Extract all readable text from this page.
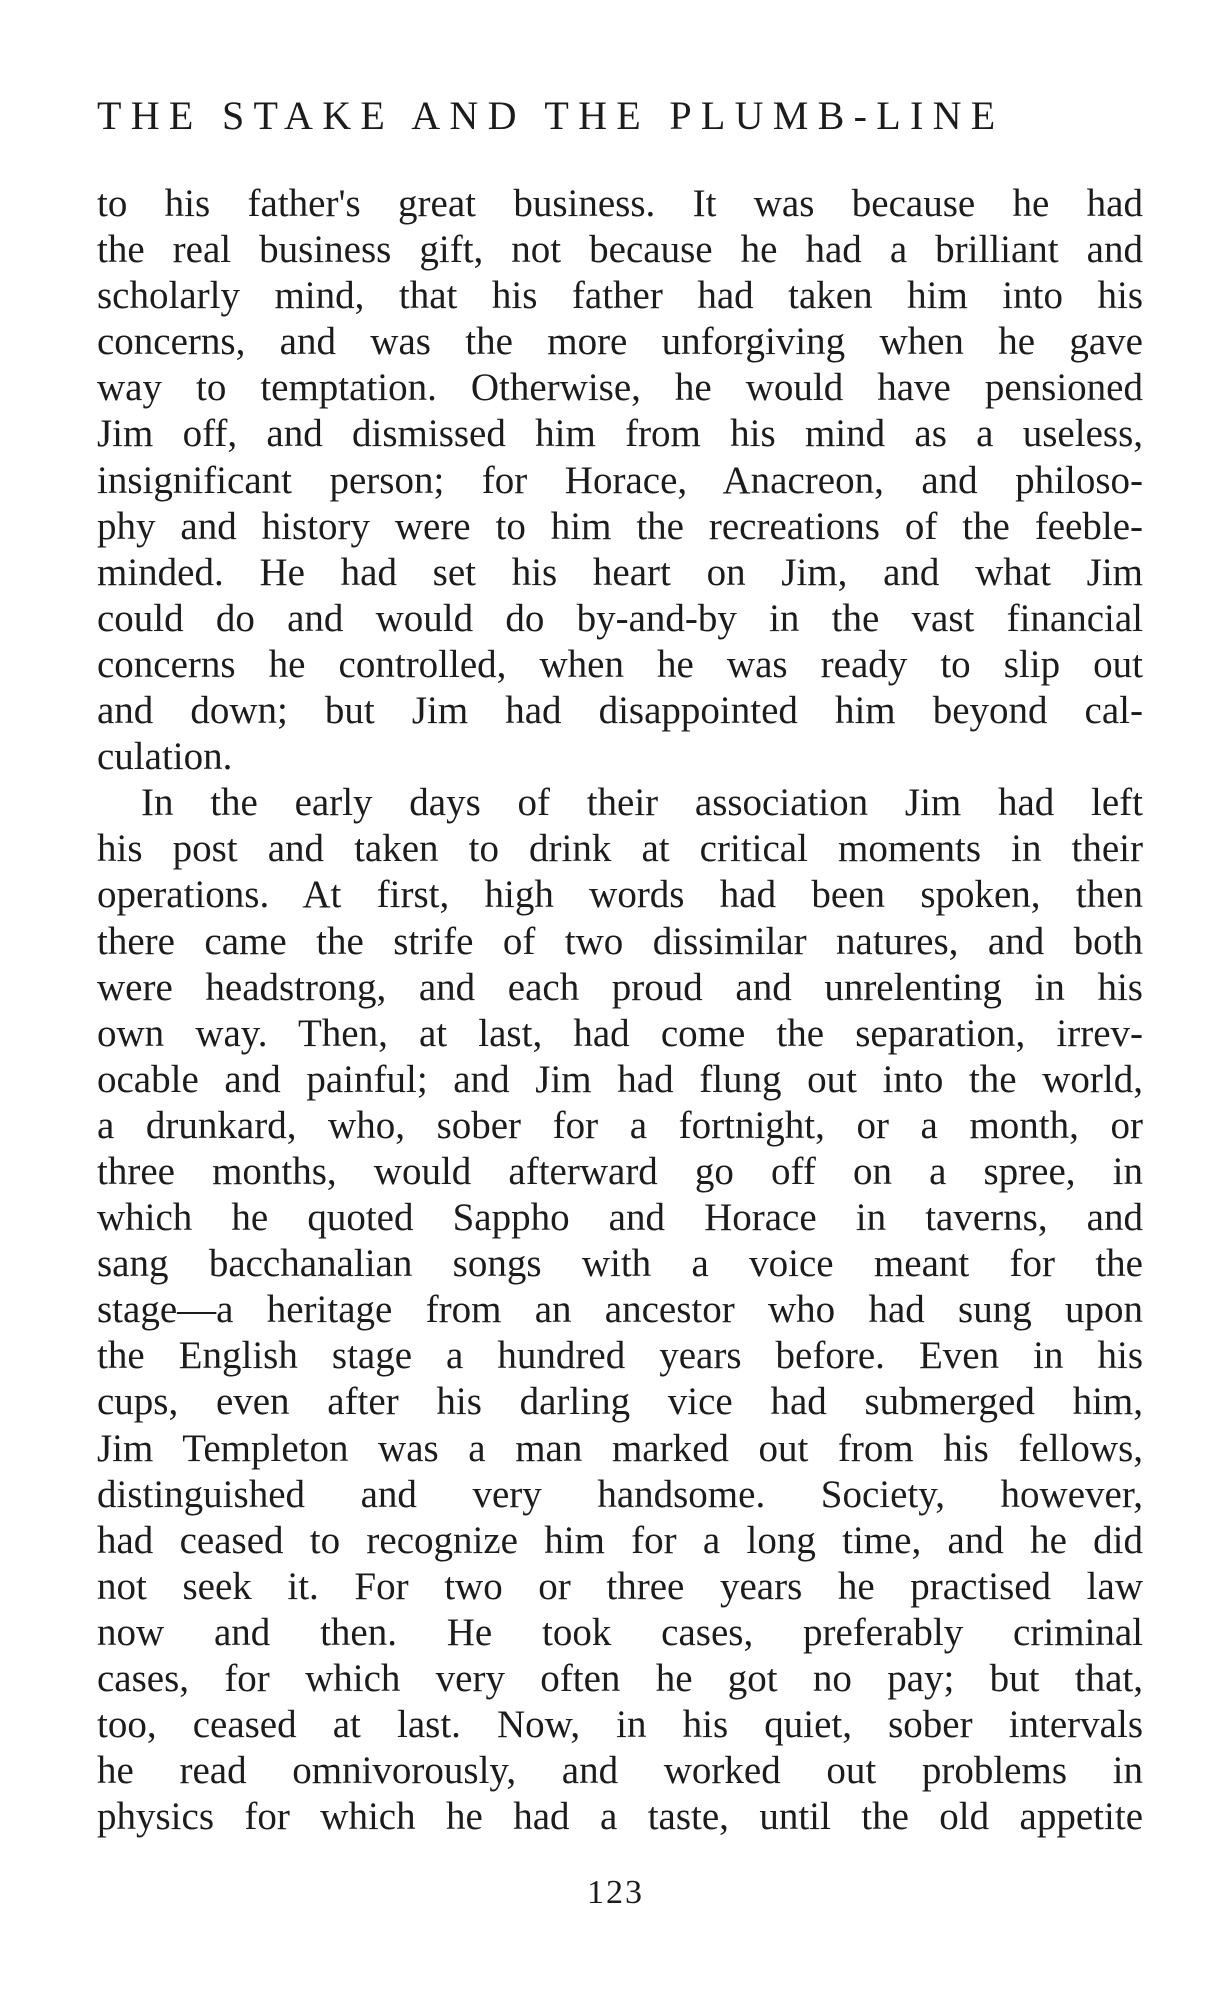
THE STAKE AND THE PLUMB-LINE
to his father's great business. It was because he had
the real business gift, not because he had a brilliant and
scholarly mind, that his father had taken him into his
concerns, and was the more unforgiving when he gave
way to temptation. Otherwise, he would have pensioned
Jim off, and dismissed him from his mind as a useless,
insignificant person; for Horace, Anacreon, and philoso-
phy and history were to him the recreations of the feeble-
minded. He had set his heart on Jim, and what Jim
could do and would do by-and-by in the vast financial
concerns he controlled, when he was ready to slip out
and down; but Jim had disappointed him beyond cal-
culation.
In the early days of their association Jim had left
his post and taken to drink at critical moments in their
operations. At first, high words had been spoken, then
there came the strife of two dissimilar natures, and both
were headstrong, and each proud and unrelenting in his
own way. Then, at last, had come the separation, irrev-
ocable and painful; and Jim had flung out into the world,
a drunkard, who, sober for a fortnight, or a month, or
three months, would afterward go off on a spree, in
which he quoted Sappho and Horace in taverns, and
sang bacchanalian songs with a voice meant for the
stage—a heritage from an ancestor who had sung upon
the English stage a hundred years before. Even in his
cups, even after his darling vice had submerged him,
Jim Templeton was a man marked out from his fellows,
distinguished and very handsome. Society, however,
had ceased to recognize him for a long time, and he did
not seek it. For two or three years he practised law
now and then. He took cases, preferably criminal
cases, for which very often he got no pay; but that,
too, ceased at last. Now, in his quiet, sober intervals
he read omnivorously, and worked out problems in
physics for which he had a taste, until the old appetite
123
